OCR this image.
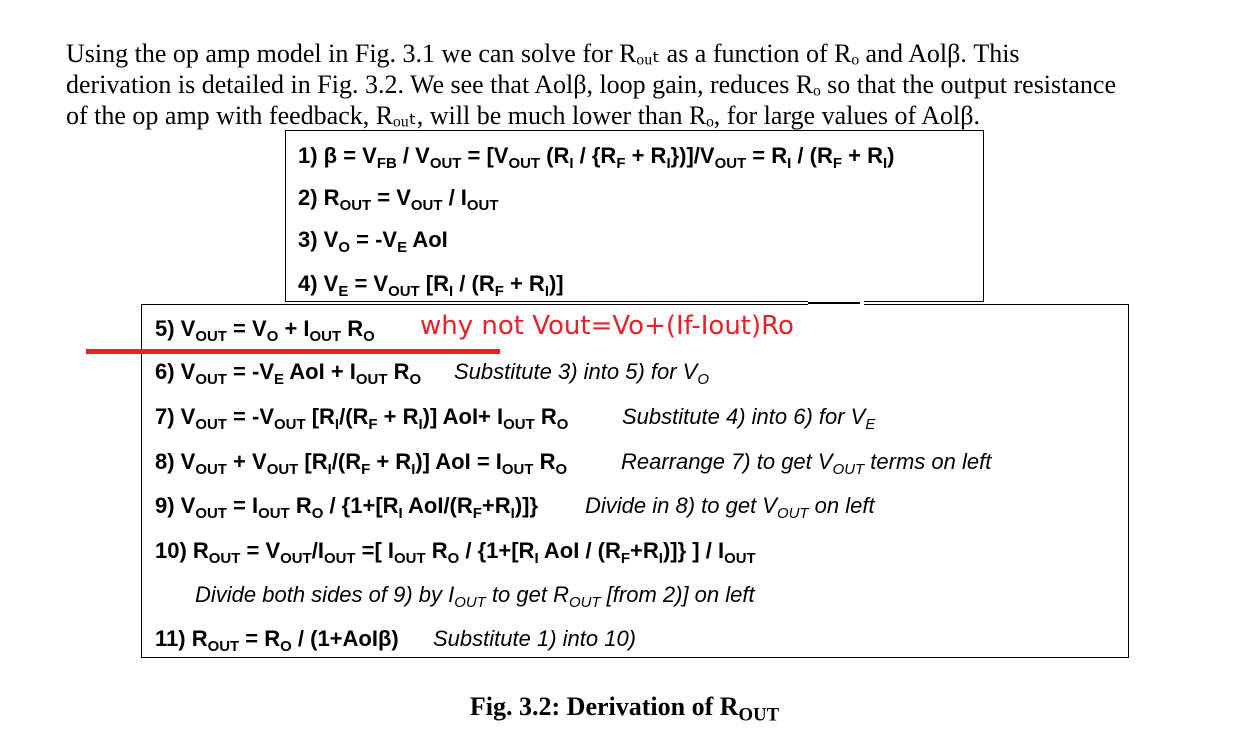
Using the op amp model in Fig. 3.1 we can solve for Rₒᵤₜ as a function of Rₒ and Aolβ. This
derivation is detailed in Fig. 3.2. We see that Aolβ, loop gain, reduces Rₒ so that the output resistance
of the op amp with feedback, Rₒᵤₜ, will be much lower than Rₒ, for large values of Aolβ.
1) $\beta = V_{FB} / V_{OUT} = [V_{OUT}$ $(R_I / \{R_F + R_I\})]/V_{OUT} = R_I / (R_F + R_I)$
2) $R_{OUT} = V_{OUT} / I_{OUT}$
3) $V_O = -V_E$ AoI
4) $V_E = V_{OUT}$ $[R_I / (R_F + R_I)]$
5) $V_{OUT} = V_O + I_{OUT}$ $R_O$
6) $V_{OUT} = -V_E$ AoI + $I_{OUT}$ $R_O$ Substitute 3) into 5) for $V_O$
7) $V_{OUT} = -V_{OUT}$ $[R_I/(R_F + R_I)]$ $AoI+ I_{OUT}$ $R_O$ Substitute 4) into 6) for $V_E$
8) $V_{OUT} + V_{OUT}$ $[R_I/(R_F + R_I)]$ AoI = $I_{OUT}$ $R_O$ Rearrange 7) to get $V_{OUT}$ terms on left
9) $V_{OUT} = I_{OUT}$ $R_O / \{1+[R_I$ AoI/$(R_F+R_I)$]} Divide in 8) to get $V_{OUT}$ on left
10) $R_{OUT} = V_{OUT}/I_{OUT}$ =[ $I_{OUT}$ $R_O / \{1+[R_I$ AoI / $(R_F+R_I)$]} ] / $I_{OUT}$
Divide both sides of 9) by $I_{OUT}$ to get $R_{OUT}$ [from 2)] on left
11) $R_{OUT} = R_O / (1+AoI\beta)$ Substitute 1) into 10)
why not Vout=Vo+(If-Iout)Ro
Fig. 3.2: Derivation of $R_{OUT}$
